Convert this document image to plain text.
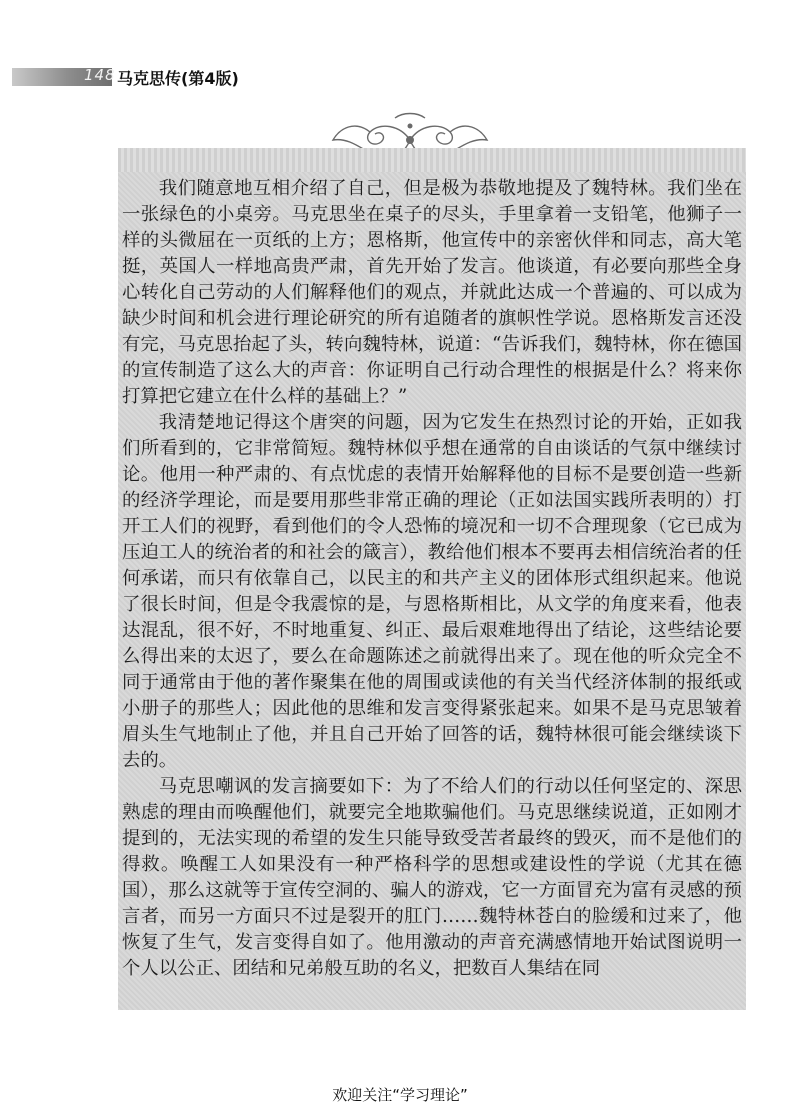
148 马克思传(第4版)

我们随意地互相介绍了自己，但是极为恭敬地提及了魏特林。我们坐在一张绿色的小桌旁。马克思坐在桌子的尽头，手里拿着一支铅笔，他狮子一样的头微屈在一页纸的上方；恩格斯，他宣传中的亲密伙伴和同志，高大笔挺，英国人一样地高贵严肃，首先开始了发言。他谈道，有必要向那些全身心转化自己劳动的人们解释他们的观点，并就此达成一个普遍的、可以成为缺少时间和机会进行理论研究的所有追随者的旗帜性学说。恩格斯发言还没有完，马克思抬起了头，转向魏特林，说道：“告诉我们，魏特林，你在德国的宣传制造了这么大的声音：你证明自己行动合理性的根据是什么？将来你打算把它建立在什么样的基础上？”

我清楚地记得这个唐突的问题，因为它发生在热烈讨论的开始，正如我们所看到的，它非常简短。魏特林似乎想在通常的自由谈话的气氛中继续讨论。他用一种严肃的、有点忧虑的表情开始解释他的目标不是要创造一些新的经济学理论，而是要用那些非常正确的理论（正如法国实践所表明的）打开工人们的视野，看到他们的令人恐怖的境况和一切不合理现象（它已成为压迫工人的统治者的和社会的箴言），教给他们根本不要再去相信统治者的任何承诺，而只有依靠自己，以民主的和共产主义的团体形式组织起来。他说了很长时间，但是令我震惊的是，与恩格斯相比，从文学的角度来看，他表达混乱，很不好，不时地重复、纠正、最后艰难地得出了结论，这些结论要么得出来的太迟了，要么在命题陈述之前就得出来了。现在他的听众完全不同于通常由于他的著作聚集在他的周围或读他的有关当代经济体制的报纸或小册子的那些人；因此他的思维和发言变得紧张起来。如果不是马克思皱着眉头生气地制止了他，并且自己开始了回答的话，魏特林很可能会继续谈下去的。

马克思嘲讽的发言摘要如下：为了不给人们的行动以任何坚定的、深思熟虑的理由而唤醒他们，就要完全地欺骗他们。马克思继续说道，正如刚才提到的，无法实现的希望的发生只能导致受苦者最终的毁灭，而不是他们的得救。唤醒工人如果没有一种严格科学的思想或建设性的学说（尤其在德国），那么这就等于宣传空洞的、骗人的游戏，它一方面冒充为富有灵感的预言者，而另一方面只不过是裂开的肛门……魏特林苍白的脸缓和过来了，他恢复了生气，发言变得自如了。他用激动的声音充满感情地开始试图说明一个人以公正、团结和兄弟般互助的名义，把数百人集结在同

欢迎关注“学习理论”
